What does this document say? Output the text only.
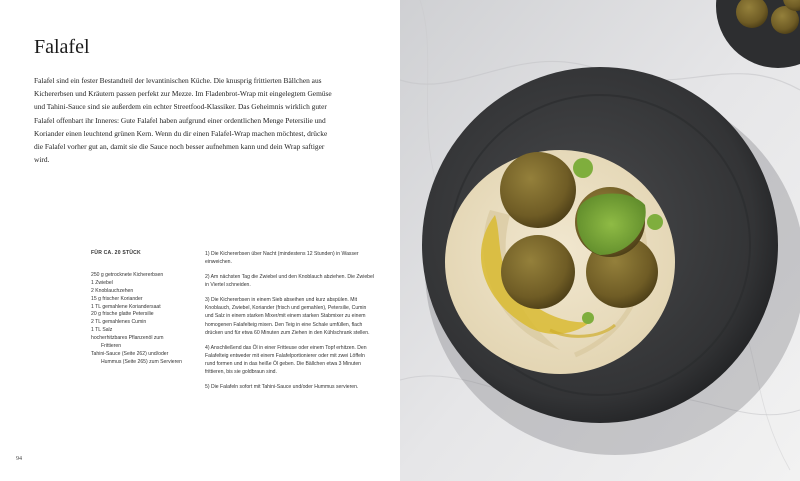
Falafel

Falafel sind ein fester Bestandteil der levantinischen Küche. Die knusprig frittierten Bällchen aus Kichererbsen und Kräutern passen perfekt zur Mezze. Im Fladenbrot-Wrap mit eingelegtem Gemüse und Tahini-Sauce sind sie außerdem ein echter Streetfood-Klassiker. Das Geheimnis wirklich guter Falafel offenbart ihr Inneres: Gute Falafel haben aufgrund einer ordentlichen Menge Petersilie und Koriander einen leuchtend grünen Kern. Wenn du dir einen Falafel-Wrap machen möchtest, drücke die Falafel vorher gut an, damit sie die Sauce noch besser aufnehmen kann und dein Wrap saftiger wird.

FÜR CA. 20 STÜCK
250 g getrocknete Kichererbsen
1 Zwiebel
2 Knoblauchzehen
15 g frischer Koriander
1 TL gemahlene Koriandersaat
20 g frische glatte Petersilie
2 TL gemahlenes Cumin
1 TL Salz
hocherhitzbares Pflanzenöl zum
Frittieren
Tahini-Sauce (Seite 262) und/oder
Hummus (Seite 265) zum Servieren

1) Die Kichererbsen über Nacht (mindestens 12 Stunden) in Wasser einweichen.

2) Am nächsten Tag die Zwiebel und den Knoblauch abziehen. Die Zwiebel in Viertel schneiden.

3) Die Kichererbsen in einem Sieb abseihen und kurz abspülen. Mit Knoblauch, Zwiebel, Koriander (frisch und gemahlen), Petersilie, Cumin und Salz in einem starken Mixer/mit einem starken Stabmixer zu einem homogenen Falafelteig mixen. Den Teig in eine Schale umfüllen, flach drücken und für etwa 60 Minuten zum Ziehen in den Kühlschrank stellen.

4) Anschließend das Öl in einer Fritteuse oder einem Topf erhitzen. Den Falafelteig entweder mit einem Falafelportionierer oder mit zwei Löffeln rund formen und in das heiße Öl geben. Die Bällchen etwa 3 Minuten frittieren, bis sie goldbraun sind.

5) Die Falafeln sofort mit Tahini-Sauce und/oder Hummus servieren.

94
